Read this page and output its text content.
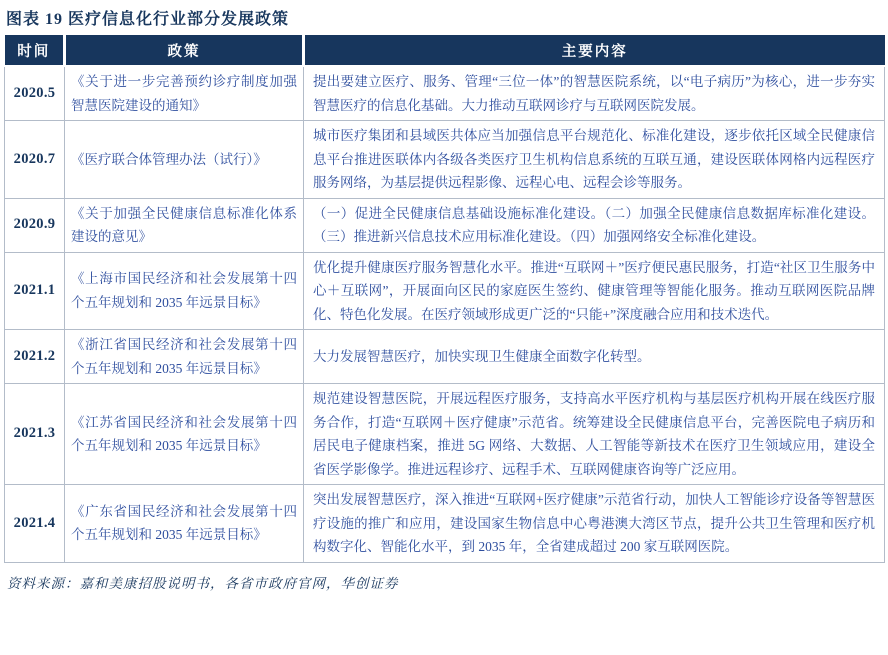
图表 19 医疗信息化行业部分发展政策
时间	政策	主要内容
2020.5	《关于进一步完善预约诊疗制度加强智慧医院建设的通知》	提出要建立医疗、服务、管理“三位一体”的智慧医院系统，以“电子病历”为核心，进一步夯实智慧医疗的信息化基础。大力推动互联网诊疗与互联网医院发展。
2020.7	《医疗联合体管理办法（试行）》	城市医疗集团和县域医共体应当加强信息平台规范化、标准化建设，逐步依托区域全民健康信息平台推进医联体内各级各类医疗卫生机构信息系统的互联互通，建设医联体网格内远程医疗服务网络，为基层提供远程影像、远程心电、远程会诊等服务。
2020.9	《关于加强全民健康信息标准化体系建设的意见》	（一）促进全民健康信息基础设施标准化建设。（二）加强全民健康信息数据库标准化建设。（三）推进新兴信息技术应用标准化建设。（四）加强网络安全标准化建设。
2021.1	《上海市国民经济和社会发展第十四个五年规划和 2035 年远景目标》	优化提升健康医疗服务智慧化水平。推进“互联网＋”医疗便民惠民服务，打造“社区卫生服务中心＋互联网”，开展面向区民的家庭医生签约、健康管理等智能化服务。推动互联网医院品牌化、特色化发展。在医疗领域形成更广泛的“只能+”深度融合应用和技术迭代。
2021.2	《浙江省国民经济和社会发展第十四个五年规划和 2035 年远景目标》	大力发展智慧医疗，加快实现卫生健康全面数字化转型。
2021.3	《江苏省国民经济和社会发展第十四个五年规划和 2035 年远景目标》	规范建设智慧医院，开展远程医疗服务，支持高水平医疗机构与基层医疗机构开展在线医疗服务合作，打造“互联网＋医疗健康”示范省。统筹建设全民健康信息平台，完善医院电子病历和居民电子健康档案，推进 5G 网络、大数据、人工智能等新技术在医疗卫生领域应用，建设全省医学影像学。推进远程诊疗、远程手术、互联网健康咨询等广泛应用。
2021.4	《广东省国民经济和社会发展第十四个五年规划和 2035 年远景目标》	突出发展智慧医疗，深入推进“互联网+医疗健康”示范省行动，加快人工智能诊疗设备等智慧医疗设施的推广和应用，建设国家生物信息中心粤港澳大湾区节点，提升公共卫生管理和医疗机构数字化、智能化水平，到 2035 年，全省建成超过 200 家互联网医院。
资料来源：嘉和美康招股说明书，各省市政府官网，华创证券
